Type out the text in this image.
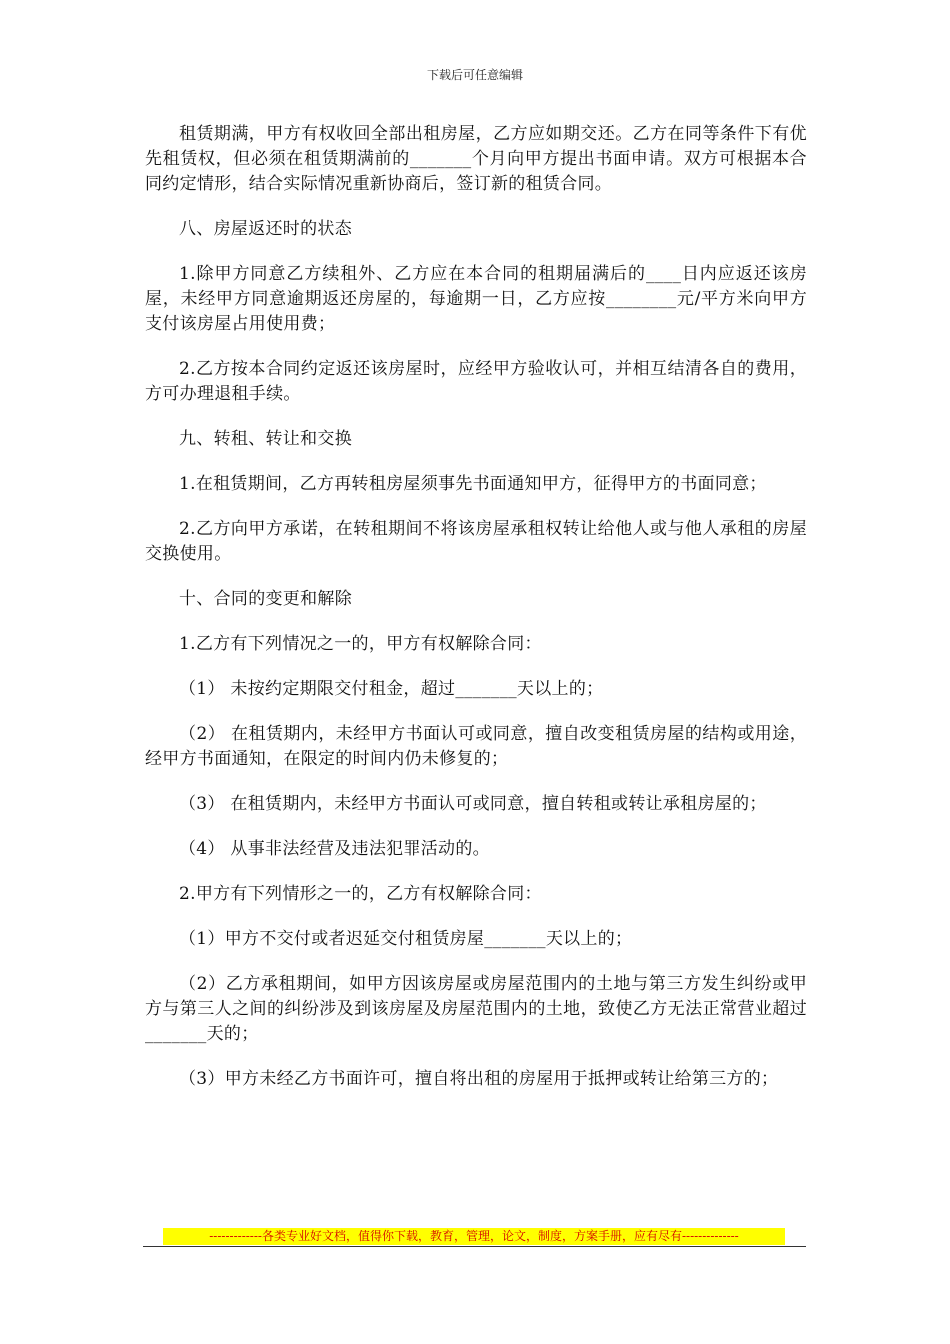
下载后可任意编辑

租赁期满，甲方有权收回全部出租房屋，乙方应如期交还。乙方在同等条件下有优先租赁权，但必须在租赁期满前的_______个月向甲方提出书面申请。双方可根据本合同约定情形，结合实际情况重新协商后，签订新的租赁合同。

八、房屋返还时的状态

1.除甲方同意乙方续租外、乙方应在本合同的租期届满后的____日内应返还该房屋，未经甲方同意逾期返还房屋的，每逾期一日，乙方应按________元/平方米向甲方支付该房屋占用使用费；

2.乙方按本合同约定返还该房屋时，应经甲方验收认可，并相互结清各自的费用，方可办理退租手续。

九、转租、转让和交换

1.在租赁期间，乙方再转租房屋须事先书面通知甲方，征得甲方的书面同意；

2.乙方向甲方承诺，在转租期间不将该房屋承租权转让给他人或与他人承租的房屋交换使用。

十、合同的变更和解除

1.乙方有下列情况之一的，甲方有权解除合同：

（1） 未按约定期限交付租金，超过_______天以上的；

（2） 在租赁期内，未经甲方书面认可或同意，擅自改变租赁房屋的结构或用途，经甲方书面通知，在限定的时间内仍未修复的；

（3） 在租赁期内，未经甲方书面认可或同意，擅自转租或转让承租房屋的；

（4） 从事非法经营及违法犯罪活动的。

2.甲方有下列情形之一的，乙方有权解除合同：

（1）甲方不交付或者迟延交付租赁房屋_______天以上的；

（2）乙方承租期间，如甲方因该房屋或房屋范围内的土地与第三方发生纠纷或甲方与第三人之间的纠纷涉及到该房屋及房屋范围内的土地，致使乙方无法正常营业超过_______天的；

（3）甲方未经乙方书面许可，擅自将出租的房屋用于抵押或转让给第三方的；

-------------各类专业好文档，值得你下载，教育，管理，论文，制度，方案手册，应有尽有--------------
